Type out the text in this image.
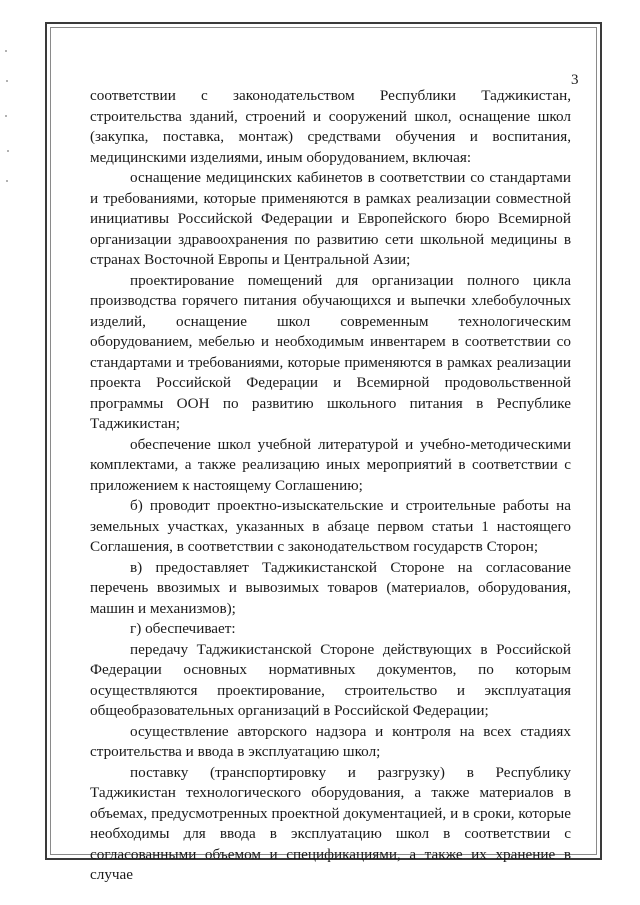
3

соответствии с законодательством Республики Таджикистан, строительства зданий, строений и сооружений школ, оснащение школ (закупка, поставка, монтаж) средствами обучения и воспитания, медицинскими изделиями, иным оборудованием, включая:

оснащение медицинских кабинетов в соответствии со стандартами и требованиями, которые применяются в рамках реализации совместной инициативы Российской Федерации и Европейского бюро Всемирной организации здравоохранения по развитию сети школьной медицины в странах Восточной Европы и Центральной Азии;

проектирование помещений для организации полного цикла производства горячего питания обучающихся и выпечки хлебобулочных изделий, оснащение школ современным технологическим оборудованием, мебелью и необходимым инвентарем в соответствии со стандартами и требованиями, которые применяются в рамках реализации проекта Российской Федерации и Всемирной продовольственной программы ООН по развитию школьного питания в Республике Таджикистан;

обеспечение школ учебной литературой и учебно-методическими комплектами, а также реализацию иных мероприятий в соответствии с приложением к настоящему Соглашению;

б) проводит проектно-изыскательские и строительные работы на земельных участках, указанных в абзаце первом статьи 1 настоящего Соглашения, в соответствии с законодательством государств Сторон;

в) предоставляет Таджикистанской Стороне на согласование перечень ввозимых и вывозимых товаров (материалов, оборудования, машин и механизмов);

г) обеспечивает:

передачу Таджикистанской Стороне действующих в Российской Федерации основных нормативных документов, по которым осуществляются проектирование, строительство и эксплуатация общеобразовательных организаций в Российской Федерации;

осуществление авторского надзора и контроля на всех стадиях строительства и ввода в эксплуатацию школ;

поставку (транспортировку и разгрузку) в Республику Таджикистан технологического оборудования, а также материалов в объемах, предусмотренных проектной документацией, и в сроки, которые необходимы для ввода в эксплуатацию школ в соответствии с согласованными объемом и спецификациями, а также их хранение в случае
